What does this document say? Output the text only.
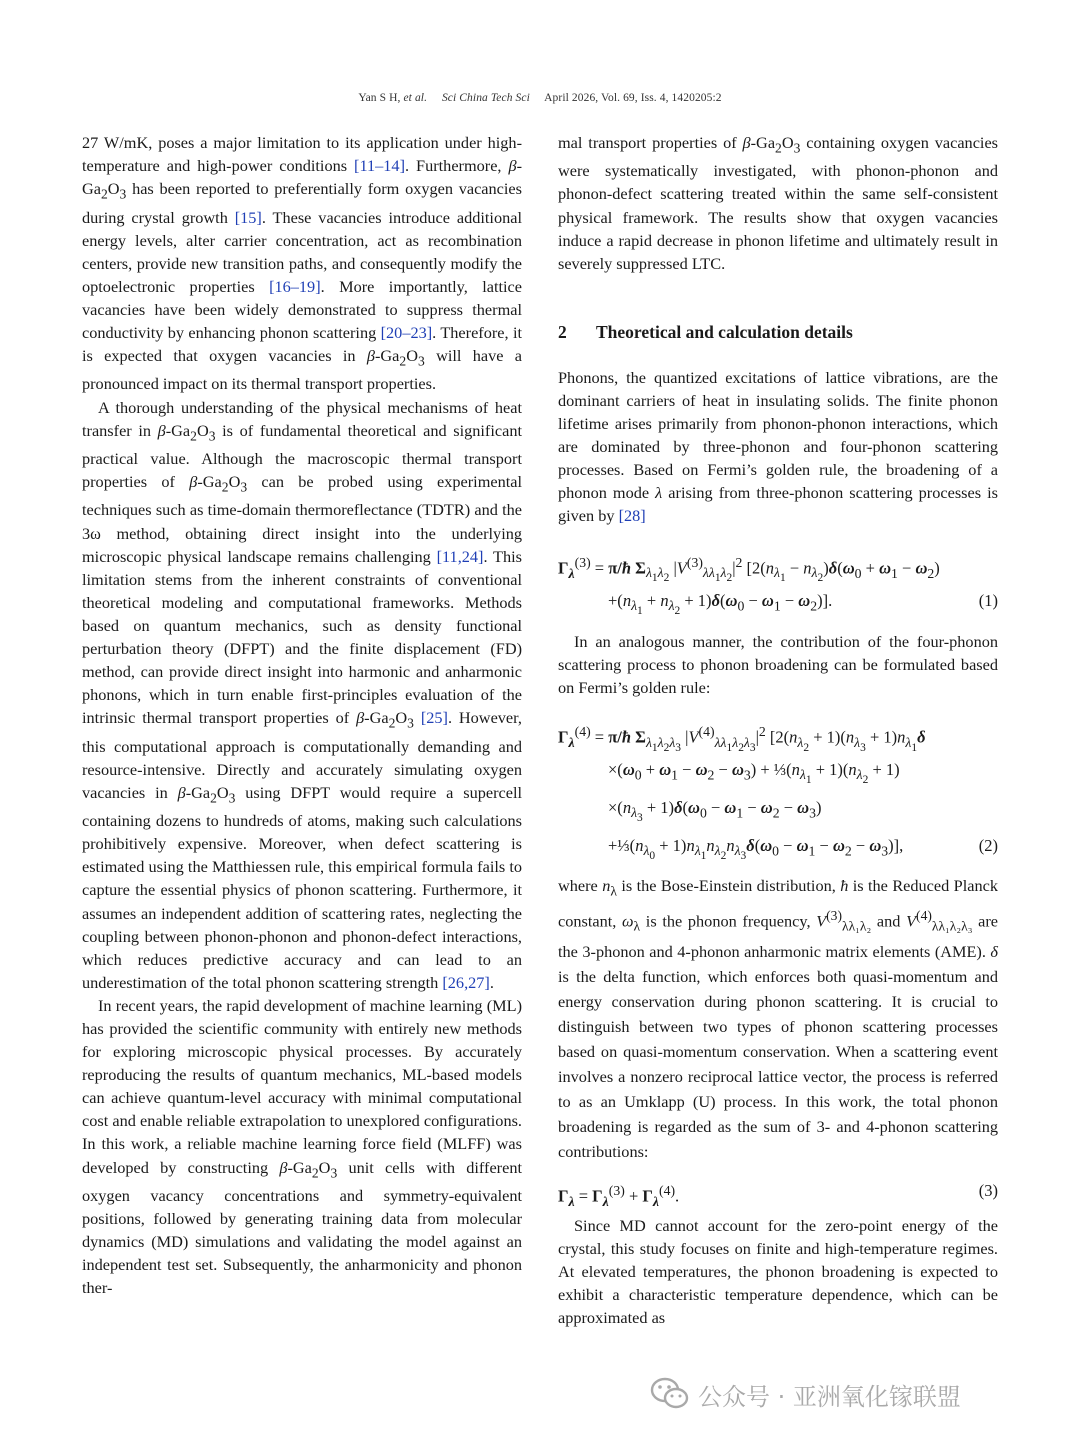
Yan S H, et al. Sci China Tech Sci April 2026, Vol. 69, Iss. 4, 1420205:2

27 W/mK, poses a major limitation to its application under high-temperature and high-power conditions [11–14]. Furthermore, $\beta-Ga_2O_3$ has been reported to preferentially form oxygen vacancies during crystal growth [15]. These vacancies introduce additional energy levels, alter carrier concentration, act as recombination centers, provide new transition paths, and consequently modify the optoelectronic properties [16–19]. More importantly, lattice vacancies have been widely demonstrated to suppress thermal conductivity by enhancing phonon scattering [20–23]. Therefore, it is expected that oxygen vacancies in $\beta-Ga_2O_3$ will have a pronounced impact on its thermal transport properties.

A thorough understanding of the physical mechanisms of heat transfer in $\beta-Ga_2O_3$ is of fundamental theoretical and significant practical value. Although the macroscopic thermal transport properties of $\beta-Ga_2O_3$ can be probed using experimental techniques such as time-domain thermoreflectance (TDTR) and the 3ω method, obtaining direct insight into the underlying microscopic physical landscape remains challenging [11,24]. This limitation stems from the inherent constraints of conventional theoretical modeling and computational frameworks. Methods based on quantum mechanics, such as density functional perturbation theory (DFPT) and the finite displacement (FD) method, can provide direct insight into harmonic and anharmonic phonons, which in turn enable first-principles evaluation of the intrinsic thermal transport properties of $\beta-Ga_2O_3$ [25]. However, this computational approach is computationally demanding and resource-intensive. Directly and accurately simulating oxygen vacancies in $\beta-Ga_2O_3$ using DFPT would require a supercell containing dozens to hundreds of atoms, making such calculations prohibitively expensive. Moreover, when defect scattering is estimated using the Matthiessen rule, this empirical formula fails to capture the essential physics of phonon scattering. Furthermore, it assumes an independent addition of scattering rates, neglecting the coupling between phonon-phonon and phonon-defect interactions, which reduces predictive accuracy and can lead to an underestimation of the total phonon scattering strength [26,27].

In recent years, the rapid development of machine learning (ML) has provided the scientific community with entirely new methods for exploring microscopic physical processes. By accurately reproducing the results of quantum mechanics, ML-based models can achieve quantum-level accuracy with minimal computational cost and enable reliable extrapolation to unexplored configurations. In this work, a reliable machine learning force field (MLFF) was developed by constructing $\beta-Ga_2O_3$ unit cells with different oxygen vacancy concentrations and symmetry-equivalent positions, followed by generating training data from molecular dynamics (MD) simulations and validating the model against an independent test set. Subsequently, the anharmonicity and phonon ther-

mal transport properties of $\beta-Ga_2O_3$ containing oxygen vacancies were systematically investigated, with phonon-phonon and phonon-defect scattering treated within the same self-consistent physical framework. The results show that oxygen vacancies induce a rapid decrease in phonon lifetime and ultimately result in severely suppressed LTC.

2 Theoretical and calculation details

Phonons, the quantized excitations of lattice vibrations, are the dominant carriers of heat in insulating solids. The finite phonon lifetime arises primarily from phonon-phonon interactions, which are dominated by three-phonon and four-phonon scattering processes. Based on Fermi’s golden rule, the broadening of a phonon mode λ arising from three-phonon scattering processes is given by [28]

$\Gamma_\lambda^{(3)}$ = π/ħ $\Sigma_{\lambda_1\lambda_2}$ $|V^{(3)}_{\lambda\lambda_1\lambda_2}|^2$ [$2(n_{\lambda_1} - n_{\lambda_2})\delta(\omega_0 + \omega_1 - \omega_2)$
$+(n_{\lambda_1} + n_{\lambda_2} + 1)\delta(\omega_0 - \omega_1 - \omega_2)$].	(1)

In an analogous manner, the contribution of the four-phonon scattering process to phonon broadening can be formulated based on Fermi’s golden rule:

$\Gamma_\lambda^{(4)}$ = π/ħ $\Sigma_{\lambda_1\lambda_2\lambda_3}$ $|V^{(4)}_{\lambda\lambda_1\lambda_2\lambda_3}|^2$ [$2(n_{\lambda_2} + 1)(n_{\lambda_3} + 1)n_{\lambda_1}\delta$
$\times(\omega_0 + \omega_1 - \omega_2 - \omega_3)$ + $\frac{1}{3}(n_{\lambda_1} + 1)(n_{\lambda_2} + 1)$
$\times(n_{\lambda_3} + 1)\delta(\omega_0 - \omega_1 - \omega_2 - \omega_3)$
$+\frac{1}{3}(n_{\lambda_0} + 1)n_{\lambda_1}n_{\lambda_2}n_{\lambda_3}\delta(\omega_0 - \omega_1 - \omega_2 - \omega_3)$],	(2)

where $n_\lambda$ is the Bose-Einstein distribution, ħ is the Reduced Planck constant, $\omega_\lambda$ is the phonon frequency, $V^{(3)}_{\lambda\lambda_1\lambda_2}$ and $V^{(4)}_{\lambda\lambda_1\lambda_2\lambda_3}$ are the 3-phonon and 4-phonon anharmonic matrix elements (AME). δ is the delta function, which enforces both quasi-momentum and energy conservation during phonon scattering. It is crucial to distinguish between two types of phonon scattering processes based on quasi-momentum conservation. When a scattering event involves a nonzero reciprocal lattice vector, the process is referred to as an Umklapp (U) process. In this work, the total phonon broadening is regarded as the sum of 3- and 4-phonon scattering contributions:

$\Gamma_\lambda = \Gamma_\lambda^{(3)} + \Gamma_\lambda^{(4)}$.	(3)

Since MD cannot account for the zero-point energy of the crystal, this study focuses on finite and high-temperature regimes. At elevated temperatures, the phonon broadening is expected to exhibit a characteristic temperature dependence, which can be approximated as

公众号 · 亚洲氧化镓联盟
